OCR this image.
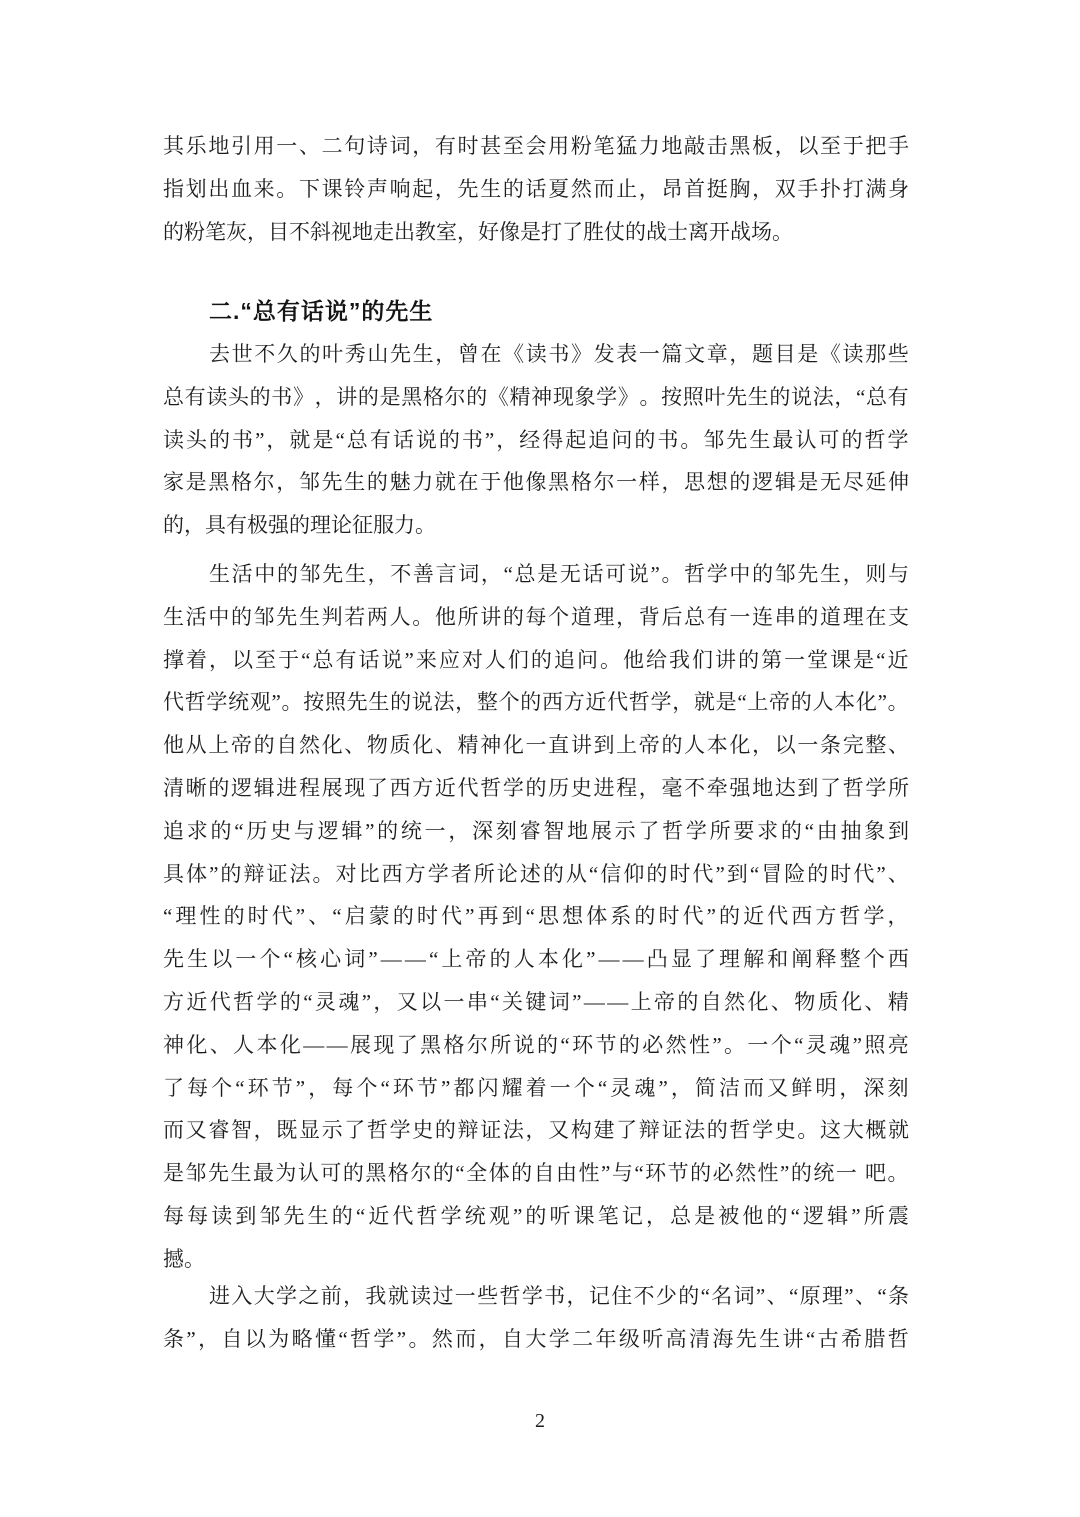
其 乐 地 引 用 一 、 二 句 诗 词 ， 有 时 甚 至 会 用 粉 笔 猛 力 地 敲 击 黑 板 ， 以 至 于 把 手
指 划 出 血 来 。 下 课 铃 声 响 起 ， 先 生 的 话 夏 然 而 止 ， 昂 首 挺 胸 ， 双 手 扑 打 满 身
的粉笔灰，目不斜视地走出教室，好像是打了胜仗的战士离开战场。
二.“总有话说”的先生
去 世 不 久 的 叶 秀 山 先 生 ， 曾 在 《 读 书 》 发 表 一 篇 文 章 ， 题 目 是 《 读 那 些
总 有 读 头 的 书 》 ， 讲 的 是 黑 格 尔 的 《 精 神 现 象 学 》 。 按 照 叶 先 生 的 说 法 ， “ 总 有
读 头 的 书 ” ， 就 是 “ 总 有 话 说 的 书 ” ， 经 得 起 追 问 的 书 。 邹 先 生 最 认 可 的 哲 学
家 是 黑 格 尔 ， 邹 先 生 的 魅 力 就 在 于 他 像 黑 格 尔 一 样 ， 思 想 的 逻 辑 是 无 尽 延 伸
的，具有极强的理论征服力。
生 活 中 的 邹 先 生 ， 不 善 言 词 ， “ 总 是 无 话 可 说 ” 。 哲 学 中 的 邹 先 生 ， 则 与
生 活 中 的 邹 先 生 判 若 两 人 。 他 所 讲 的 每 个 道 理 ， 背 后 总 有 一 连 串 的 道 理 在 支
撑 着 ， 以 至 于 “ 总 有 话 说 ” 来 应 对 人 们 的 追 问 。 他 给 我 们 讲 的 第 一 堂 课 是 “ 近
代 哲 学 统 观 ” 。 按 照 先 生 的 说 法 ， 整 个 的 西 方 近 代 哲 学 ， 就 是 “ 上 帝 的 人 本 化 ” 。
他 从 上 帝 的 自 然 化 、 物 质 化 、 精 神 化 一 直 讲 到 上 帝 的 人 本 化 ， 以 一 条 完 整 、
清 晰 的 逻 辑 进 程 展 现 了 西 方 近 代 哲 学 的 历 史 进 程 ， 毫 不 牵 强 地 达 到 了 哲 学 所
追 求 的 “ 历 史 与 逻 辑 ” 的 统 一 ， 深 刻 睿 智 地 展 示 了 哲 学 所 要 求 的 “ 由 抽 象 到
具 体 ” 的 辩 证 法 。 对 比 西 方 学 者 所 论 述 的 从 “ 信 仰 的 时 代 ” 到 “ 冒 险 的 时 代 ” 、
“ 理 性 的 时 代 ” 、 “ 启 蒙 的 时 代 ” 再 到 “ 思 想 体 系 的 时 代 ” 的 近 代 西 方 哲 学 ，
先 生 以 一 个 “ 核 心 词 ” — — “ 上 帝 的 人 本 化 ” — — 凸 显 了 理 解 和 阐 释 整 个 西
方 近 代 哲 学 的 “ 灵 魂 ” ， 又 以 一 串 “ 关 键 词 ” — — 上 帝 的 自 然 化 、 物 质 化 、 精
神 化 、 人 本 化 — — 展 现 了 黑 格 尔 所 说 的 “ 环 节 的 必 然 性 ” 。 一 个 “ 灵 魂 ” 照 亮
了 每 个 “ 环 节 ” ， 每 个 “ 环 节 ” 都 闪 耀 着 一 个 “ 灵 魂 ” ， 简 洁 而 又 鲜 明 ， 深 刻
而 又 睿 智 ， 既 显 示 了 哲 学 史 的 辩 证 法 ， 又 构 建 了 辩 证 法 的 哲 学 史 。 这 大 概 就
是 邹 先 生 最 为 认 可 的 黑 格 尔 的 “ 全 体 的 自 由 性 ” 与 “ 环 节 的 必 然 性 ” 的 统 一
吧 。
每 每 读 到 邹 先 生 的 “ 近 代 哲 学 统 观 ” 的 听 课 笔 记 ， 总 是 被 他 的 “ 逻 辑 ” 所 震
撼。
进 入 大 学 之 前 ， 我 就 读 过 一 些 哲 学 书 ， 记 住 不 少 的 “ 名 词 ” 、 “ 原 理 ” 、 “ 条
条 ” ， 自 以 为 略 懂 “ 哲 学 ” 。 然 而 ， 自 大 学 二 年 级 听 高 清 海 先 生 讲 “ 古 希 腊 哲
2
